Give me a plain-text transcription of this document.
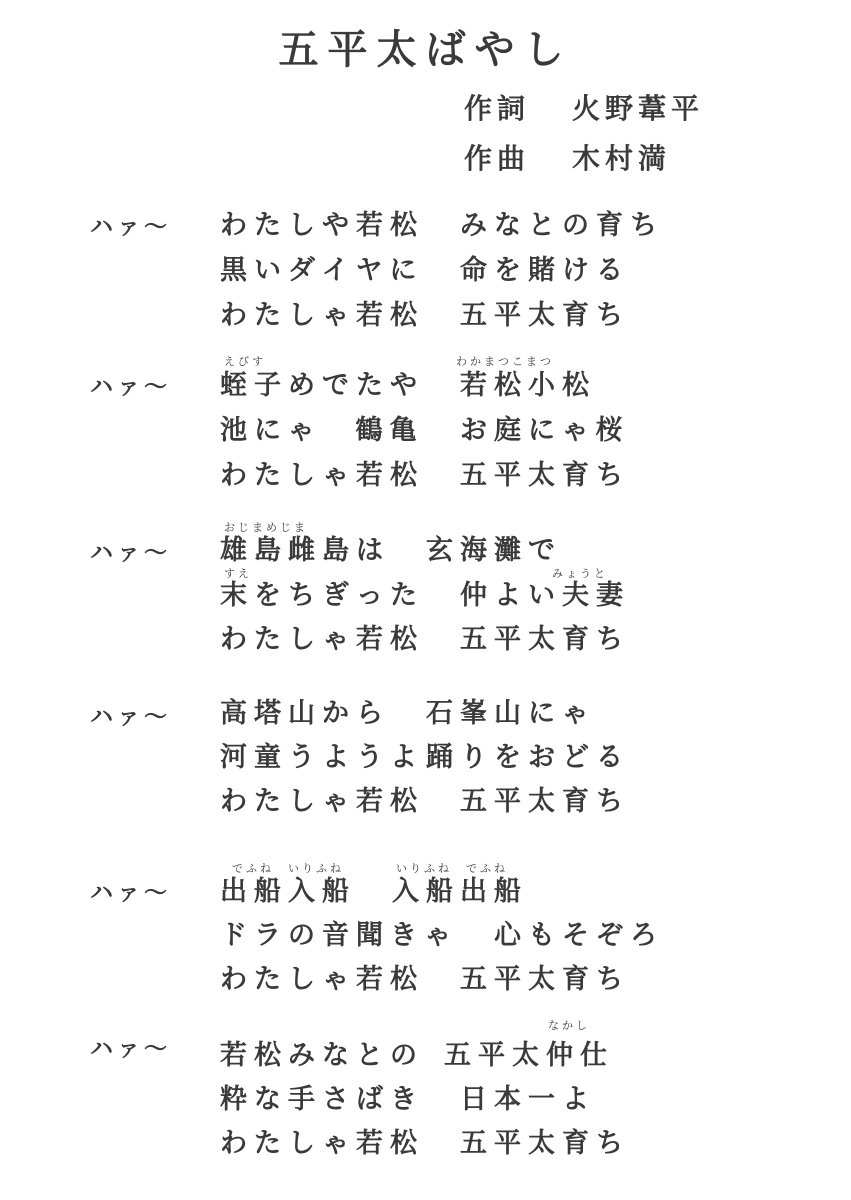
五平太ばやし
作詞 火野葦平
作曲 木村満
ハァ〜 わたしや若松 みなとの育ち
黒いダイヤに 命を賭ける
わたしゃ若松 五平太育ち
えびす	わかまつこまつ
ハァ〜 蛭子めでたや 若松小松
池にゃ　鶴亀 お庭にゃ桜
わたしゃ若松 五平太育ち
おじまめじま
ハァ〜 雄島雌島は 玄海灘で
すえ	みょうと
末をちぎった 仲よい夫妻
わたしゃ若松 五平太育ち
ハァ〜 高塔山から 石峯山にゃ
河童うようよ 踊りをおどる
わたしゃ若松 五平太育ち
でふね　いりふね	いりふね　でふね
ハァ〜 出船入船 入船出船
ドラの音聞きゃ 心もそぞろ
わたしゃ若松 五平太育ち
なかし
ハァ〜 若松みなとの 五平太仲仕
粋な手さばき 日本一よ
わたしゃ若松 五平太育ち
